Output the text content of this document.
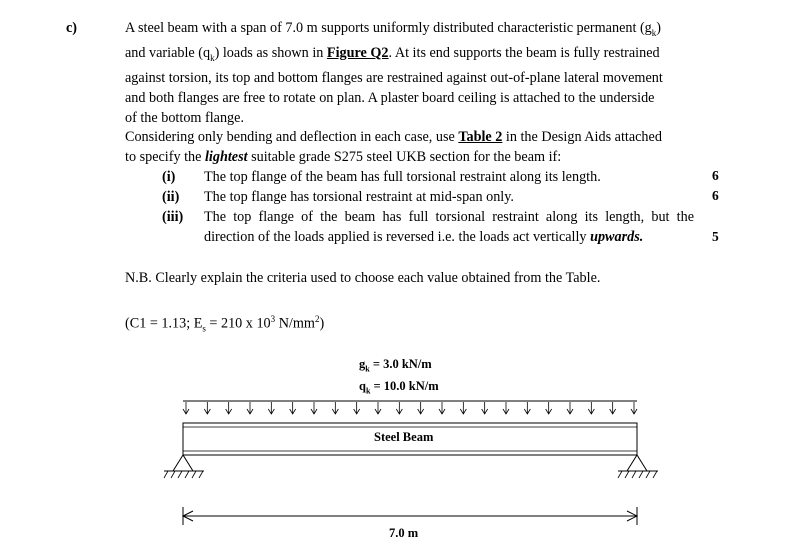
c)	A steel beam with a span of 7.0 m supports uniformly distributed characteristic permanent $(g_k)$
and variable $(q_k)$ loads as shown in Figure Q2. At its end supports the beam is fully restrained
against torsion, its top and bottom flanges are restrained against out-of-plane lateral movement
and both flanges are free to rotate on plan. A plaster board ceiling is attached to the underside
of the bottom flange.
Considering only bending and deflection in each case, use Table 2 in the Design Aids attached
to specify the lightest suitable grade S275 steel UKB section for the beam if:
(i) The top flange of the beam has full torsional restraint along its length.	6
(ii) The top flange has torsional restraint at mid-span only.	6
(iii) The top flange of the beam has full torsional restraint along its length, but the
direction of the loads applied is reversed i.e. the loads act vertically upwards.	5
N.B. Clearly explain the criteria used to choose each value obtained from the Table.
(C1 = 1.13; $E_s = 210$ x $10^3$ $N/mm^2$)
$g_k = 3.0$ kN/m
$q_k = 10.0$ kN/m
Steel Beam
7.0 m
